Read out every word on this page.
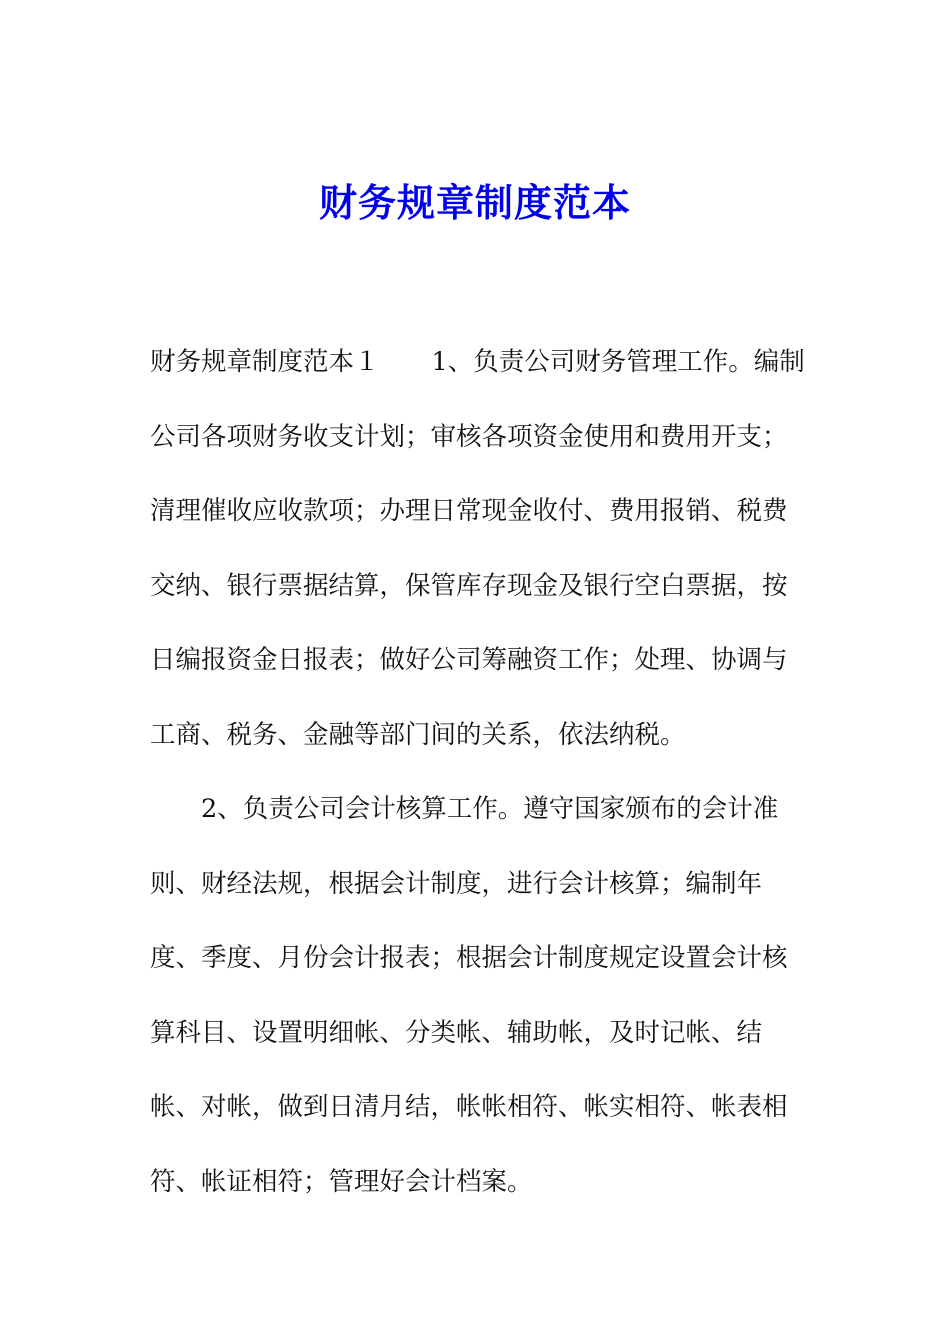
财务规章制度范本
财务规章制度范本１ 1、负责公司财务管理工作。编制
公司各项财务收支计划；审核各项资金使用和费用开支；
清理催收应收款项；办理日常现金收付、费用报销、税费
交纳、银行票据结算，保管库存现金及银行空白票据，按
日编报资金日报表；做好公司筹融资工作；处理、协调与
工商、税务、金融等部门间的关系，依法纳税。
2、负责公司会计核算工作。遵守国家颁布的会计准
则、财经法规，根据会计制度，进行会计核算；编制年
度、季度、月份会计报表；根据会计制度规定设置会计核
算科目、设置明细帐、分类帐、辅助帐，及时记帐、结
帐、对帐，做到日清月结，帐帐相符、帐实相符、帐表相
符、帐证相符；管理好会计档案。
